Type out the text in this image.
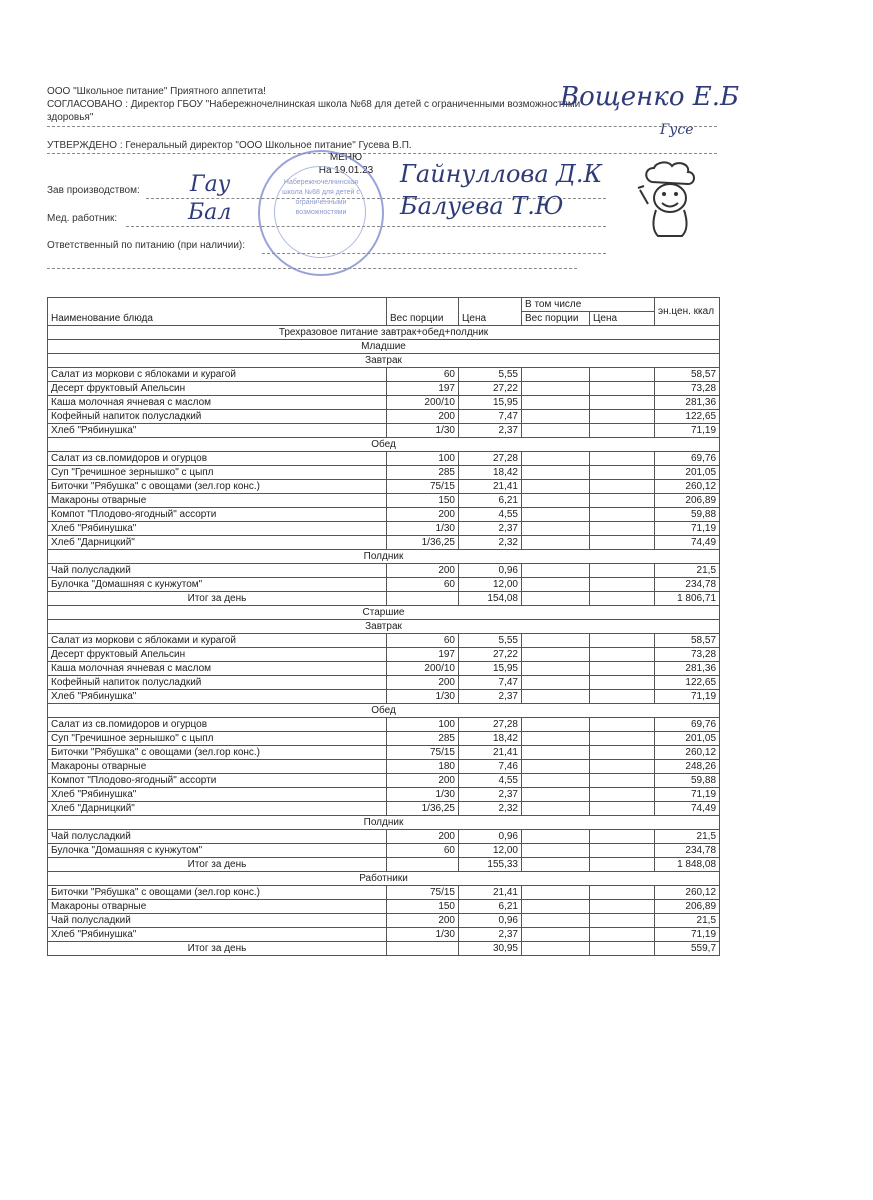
ООО "Школьное питание" Приятного аппетита!
СОГЛАСОВАНО : Директор ГБОУ "Набережночелнинская школа №68 для детей с ограниченными возможностями
здоровья"
УТВЕРЖДЕНО : Генеральный директор "ООО Школьное питание" Гусева В.П.
МЕНЮ
На 19.01.23
Зав производством:
Мед. работник:
Ответственный по питанию (при наличии):
Набережночелнинская школа №68 для детей с ограниченными возможностями
Вощенко Е.Б
Гусе
Гау	Гайнуллова Д.К
Бал	Балуева Т.Ю
Наименование блюда	Вес порции	Цена	В том числе		эн.цен. ккал
			Вес порции	Цена	
Трехразовое питание завтрак+обед+полдник					
Младшие					
Завтрак					
Салат из моркови с яблоками и курагой	60	5,55			58,57
Десерт фруктовый Апельсин	197	27,22			73,28
Каша молочная ячневая с маслом	200/10	15,95			281,36
Кофейный напиток полусладкий	200	7,47			122,65
Хлеб "Рябинушка"	1/30	2,37			71,19
Обед					
Салат из св.помидоров и огурцов	100	27,28			69,76
Суп "Гречишное зернышко" с цыпл	285	18,42			201,05
Биточки "Рябушка" с овощами (зел.гор конс.)	75/15	21,41			260,12
Макароны отварные	150	6,21			206,89
Компот "Плодово-ягодный" ассорти	200	4,55			59,88
Хлеб "Рябинушка"	1/30	2,37			71,19
Хлеб "Дарницкий"	1/36,25	2,32			74,49
Полдник					
Чай полусладкий	200	0,96			21,5
Булочка "Домашняя с кунжутом"	60	12,00			234,78
Итог за день		154,08			1 806,71
Старшие					
Завтрак					
Салат из моркови с яблоками и курагой	60	5,55			58,57
Десерт фруктовый Апельсин	197	27,22			73,28
Каша молочная ячневая с маслом	200/10	15,95			281,36
Кофейный напиток полусладкий	200	7,47			122,65
Хлеб "Рябинушка"	1/30	2,37			71,19
Обед					
Салат из св.помидоров и огурцов	100	27,28			69,76
Суп "Гречишное зернышко" с цыпл	285	18,42			201,05
Биточки "Рябушка" с овощами (зел.гор конс.)	75/15	21,41			260,12
Макароны отварные	180	7,46			248,26
Компот "Плодово-ягодный" ассорти	200	4,55			59,88
Хлеб "Рябинушка"	1/30	2,37			71,19
Хлеб "Дарницкий"	1/36,25	2,32			74,49
Полдник					
Чай полусладкий	200	0,96			21,5
Булочка "Домашняя с кунжутом"	60	12,00			234,78
Итог за день		155,33			1 848,08
Работники					
Биточки "Рябушка" с овощами (зел.гор конс.)	75/15	21,41			260,12
Макароны отварные	150	6,21			206,89
Чай полусладкий	200	0,96			21,5
Хлеб "Рябинушка"	1/30	2,37			71,19
Итог за день		30,95			559,7
